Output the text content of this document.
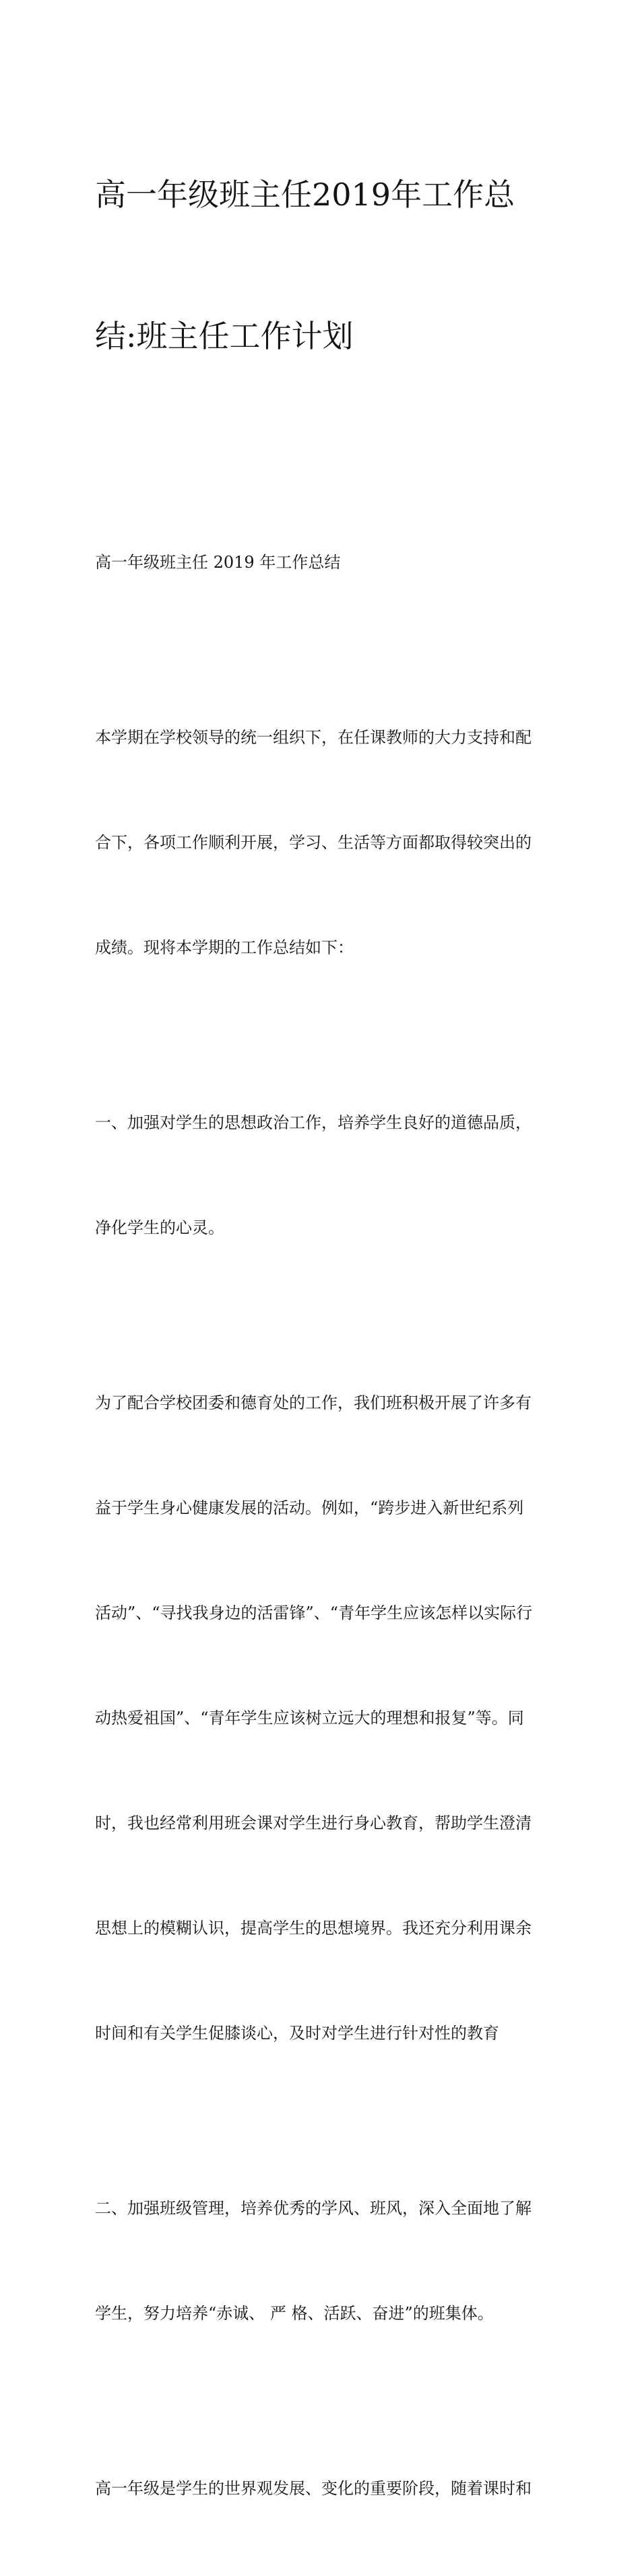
高一年级班主任2019年工作总

结:班主任工作计划

高一年级班主任 2019 年工作总结

本学期在学校领导的统一组织下，在任课教师的大力支持和配

合下，各项工作顺利开展，学习、生活等方面都取得较突出的

成绩。现将本学期的工作总结如下：

一、加强对学生的思想政治工作，培养学生良好的道德品质，

净化学生的心灵。

为了配合学校团委和德育处的工作，我们班积极开展了许多有

益于学生身心健康发展的活动。例如，“跨步进入新世纪系列

活动”、“寻找我身边的活雷锋”、“青年学生应该怎样以实际行

动热爱祖国”、“青年学生应该树立远大的理想和报复”等。同

时，我也经常利用班会课对学生进行身心教育，帮助学生澄清

思想上的模糊认识，提高学生的思想境界。我还充分利用课余

时间和有关学生促膝谈心，及时对学生进行针对性的教育

二、加强班级管理，培养优秀的学风、班风，深入全面地了解

学生，努力培养“赤诚、 严 格、活跃、奋进”的班集体。

高一年级是学生的世界观发展、变化的重要阶段，随着课时和
